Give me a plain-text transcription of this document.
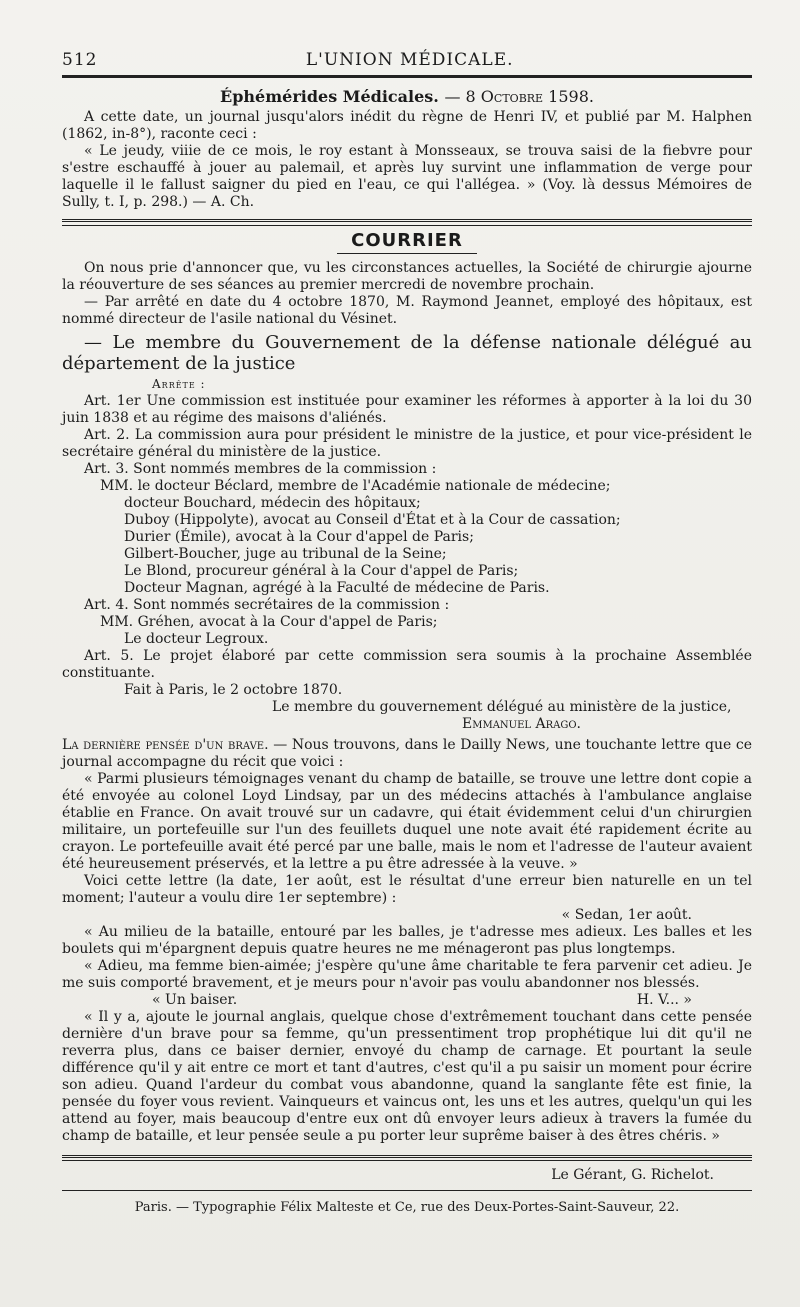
512	L'UNION MÉDICALE.
Éphémérides Médicales. — 8 Octobre 1598.

A cette date, un journal jusqu'alors inédit du règne de Henri IV, et publié par M. Halphen (1862, in-8°), raconte ceci :

« Le jeudy, viiie de ce mois, le roy estant à Monsseaux, se trouva saisi de la fiebvre pour s'estre eschauffé à jouer au palemail, et après luy survint une inflammation de verge pour laquelle il le fallust saigner du pied en l'eau, ce qui l'allégea. » (Voy. là dessus Mémoires de Sully, t. I, p. 298.) — A. Ch.

COURRIER

On nous prie d'annoncer que, vu les circonstances actuelles, la Société de chirurgie ajourne la réouverture de ses séances au premier mercredi de novembre prochain.

— Par arrêté en date du 4 octobre 1870, M. Raymond Jeannet, employé des hôpitaux, est nommé directeur de l'asile national du Vésinet.

— Le membre du Gouvernement de la défense nationale délégué au département de la justice

Arrête :

Art. 1er Une commission est instituée pour examiner les réformes à apporter à la loi du 30 juin 1838 et au régime des maisons d'aliénés.

Art. 2. La commission aura pour président le ministre de la justice, et pour vice-président le secrétaire général du ministère de la justice.

Art. 3. Sont nommés membres de la commission :

MM. le docteur Béclard, membre de l'Académie nationale de médecine;

docteur Bouchard, médecin des hôpitaux;

Duboy (Hippolyte), avocat au Conseil d'État et à la Cour de cassation;

Durier (Émile), avocat à la Cour d'appel de Paris;

Gilbert-Boucher, juge au tribunal de la Seine;

Le Blond, procureur général à la Cour d'appel de Paris;

Docteur Magnan, agrégé à la Faculté de médecine de Paris.

Art. 4. Sont nommés secrétaires de la commission :

MM. Gréhen, avocat à la Cour d'appel de Paris;

Le docteur Legroux.

Art. 5. Le projet élaboré par cette commission sera soumis à la prochaine Assemblée constituante.

Fait à Paris, le 2 octobre 1870.

Le membre du gouvernement délégué au ministère de la justice,

Emmanuel Arago.

La dernière pensée d'un brave. — Nous trouvons, dans le Dailly News, une touchante lettre que ce journal accompagne du récit que voici :

« Parmi plusieurs témoignages venant du champ de bataille, se trouve une lettre dont copie a été envoyée au colonel Loyd Lindsay, par un des médecins attachés à l'ambulance anglaise établie en France. On avait trouvé sur un cadavre, qui était évidemment celui d'un chirurgien militaire, un portefeuille sur l'un des feuillets duquel une note avait été rapidement écrite au crayon. Le portefeuille avait été percé par une balle, mais le nom et l'adresse de l'auteur avaient été heureusement préservés, et la lettre a pu être adressée à la veuve. »

Voici cette lettre (la date, 1er août, est le résultat d'une erreur bien naturelle en un tel moment; l'auteur a voulu dire 1er septembre) :

« Sedan, 1er août.

« Au milieu de la bataille, entouré par les balles, je t'adresse mes adieux. Les balles et les boulets qui m'épargnent depuis quatre heures ne me ménageront pas plus longtemps.

« Adieu, ma femme bien-aimée; j'espère qu'une âme charitable te fera parvenir cet adieu. Je me suis comporté bravement, et je meurs pour n'avoir pas voulu abandonner nos blessés.

« Un baiser.	H. V... »

« Il y a, ajoute le journal anglais, quelque chose d'extrêmement touchant dans cette pensée dernière d'un brave pour sa femme, qu'un pressentiment trop prophétique lui dit qu'il ne reverra plus, dans ce baiser dernier, envoyé du champ de carnage. Et pourtant la seule différence qu'il y ait entre ce mort et tant d'autres, c'est qu'il a pu saisir un moment pour écrire son adieu. Quand l'ardeur du combat vous abandonne, quand la sanglante fête est finie, la pensée du foyer vous revient. Vainqueurs et vaincus ont, les uns et les autres, quelqu'un qui les attend au foyer, mais beaucoup d'entre eux ont dû envoyer leurs adieux à travers la fumée du champ de bataille, et leur pensée seule a pu porter leur suprême baiser à des êtres chéris. »

Le Gérant, G. Richelot.

Paris. — Typographie Félix Malteste et Ce, rue des Deux-Portes-Saint-Sauveur, 22.
